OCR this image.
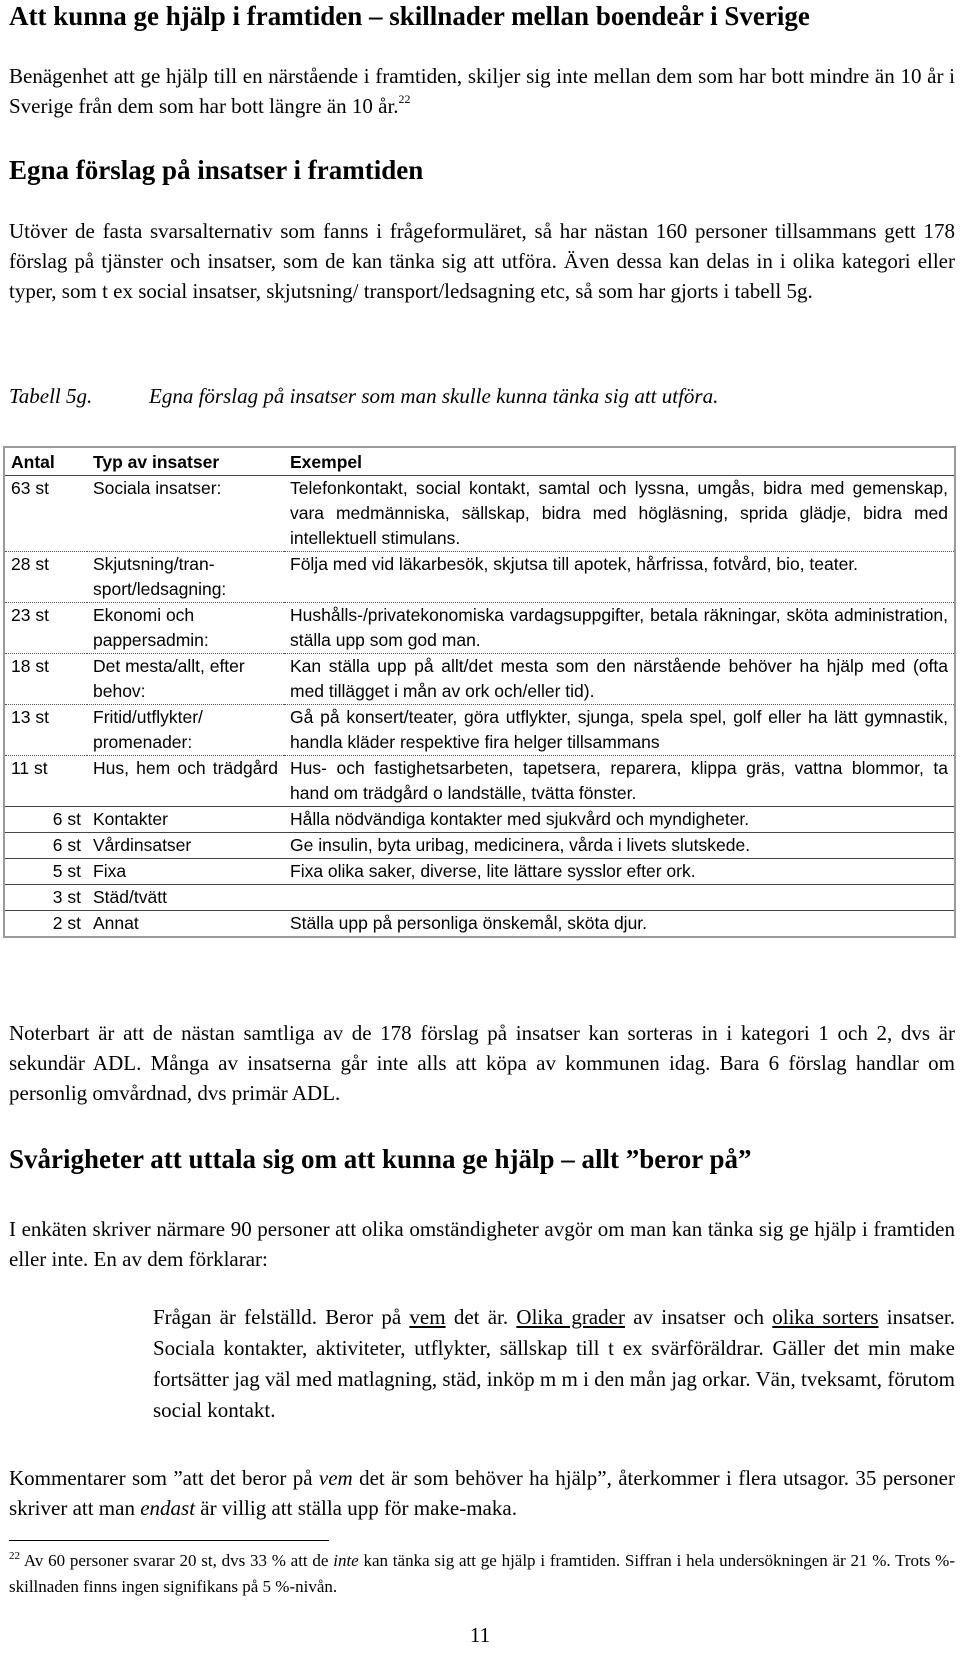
Att kunna ge hjälp i framtiden – skillnader mellan boendeår i Sverige

Benägenhet att ge hjälp till en närstående i framtiden, skiljer sig inte mellan dem som har bott mindre än 10 år i Sverige från dem som har bott längre än 10 år.$^{22}$

Egna förslag på insatser i framtiden

Utöver de fasta svarsalternativ som fanns i frågeformuläret, så har nästan 160 personer tillsammans gett 178 förslag på tjänster och insatser, som de kan tänka sig att utföra. Även dessa kan delas in i olika kategori eller typer, som t ex social insatser, skjutsning/ transport/ledsagning etc, så som har gjorts i tabell 5g.

Tabell 5g.	Egna förslag på insatser som man skulle kunna tänka sig att utföra.
Antal	Typ av insatser	Exempel
63 st	Sociala insatser:	Telefonkontakt, social kontakt, samtal och lyssna, umgås, bidra med gemenskap, vara medmänniska, sällskap, bidra med högläsning, sprida glädje, bidra med intellektuell stimulans.
28 st	Skjutsning/tran-sport/ledsagning:	Följa med vid läkarbesök, skjutsa till apotek, hårfrissa, fotvård, bio, teater.
23 st	Ekonomi och pappersadmin:	Hushålls-/privatekonomiska vardagsuppgifter, betala räkningar, sköta administration, ställa upp som god man.
18 st	Det mesta/allt, efter behov:	Kan ställa upp på allt/det mesta som den närstående behöver ha hjälp med (ofta med tillägget i mån av ork och/eller tid).
13 st	Fritid/utflykter/ promenader:	Gå på konsert/teater, göra utflykter, sjunga, spela spel, golf eller ha lätt gymnastik, handla kläder respektive fira helger tillsammans
11 st	Hus, hem och trädgård	Hus- och fastighetsarbeten, tapetsera, reparera, klippa gräs, vattna blommor, ta hand om trädgård o landställe, tvätta fönster.
6 st	Kontakter	Hålla nödvändiga kontakter med sjukvård och myndigheter.
6 st	Vårdinsatser	Ge insulin, byta uribag, medicinera, vårda i livets slutskede.
5 st	Fixa	Fixa olika saker, diverse, lite lättare sysslor efter ork.
3 st	Städ/tvätt	
2 st	Annat	Ställa upp på personliga önskemål, sköta djur.

Noterbart är att de nästan samtliga av de 178 förslag på insatser kan sorteras in i kategori 1 och 2, dvs är sekundär ADL. Många av insatserna går inte alls att köpa av kommunen idag. Bara 6 förslag handlar om personlig omvårdnad, dvs primär ADL.

Svårigheter att uttala sig om att kunna ge hjälp – allt ”beror på”

I enkäten skriver närmare 90 personer att olika omständigheter avgör om man kan tänka sig ge hjälp i framtiden eller inte. En av dem förklarar:

Frågan är felställd. Beror på vem det är. Olika grader av insatser och olika sorters insatser. Sociala kontakter, aktiviteter, utflykter, sällskap till t ex svärföräldrar. Gäller det min make fortsätter jag väl med matlagning, städ, inköp m m i den mån jag orkar. Vän, tveksamt, förutom social kontakt.

Kommentarer som ”att det beror på vem det är som behöver ha hjälp”, återkommer i flera utsagor. 35 personer skriver att man endast är villig att ställa upp för make-maka.

$^{22}$ Av 60 personer svarar 20 st, dvs 33 % att de inte kan tänka sig att ge hjälp i framtiden. Siffran i hela undersökningen är 21 %. Trots %-skillnaden finns ingen signifikans på 5 %-nivån.

11
